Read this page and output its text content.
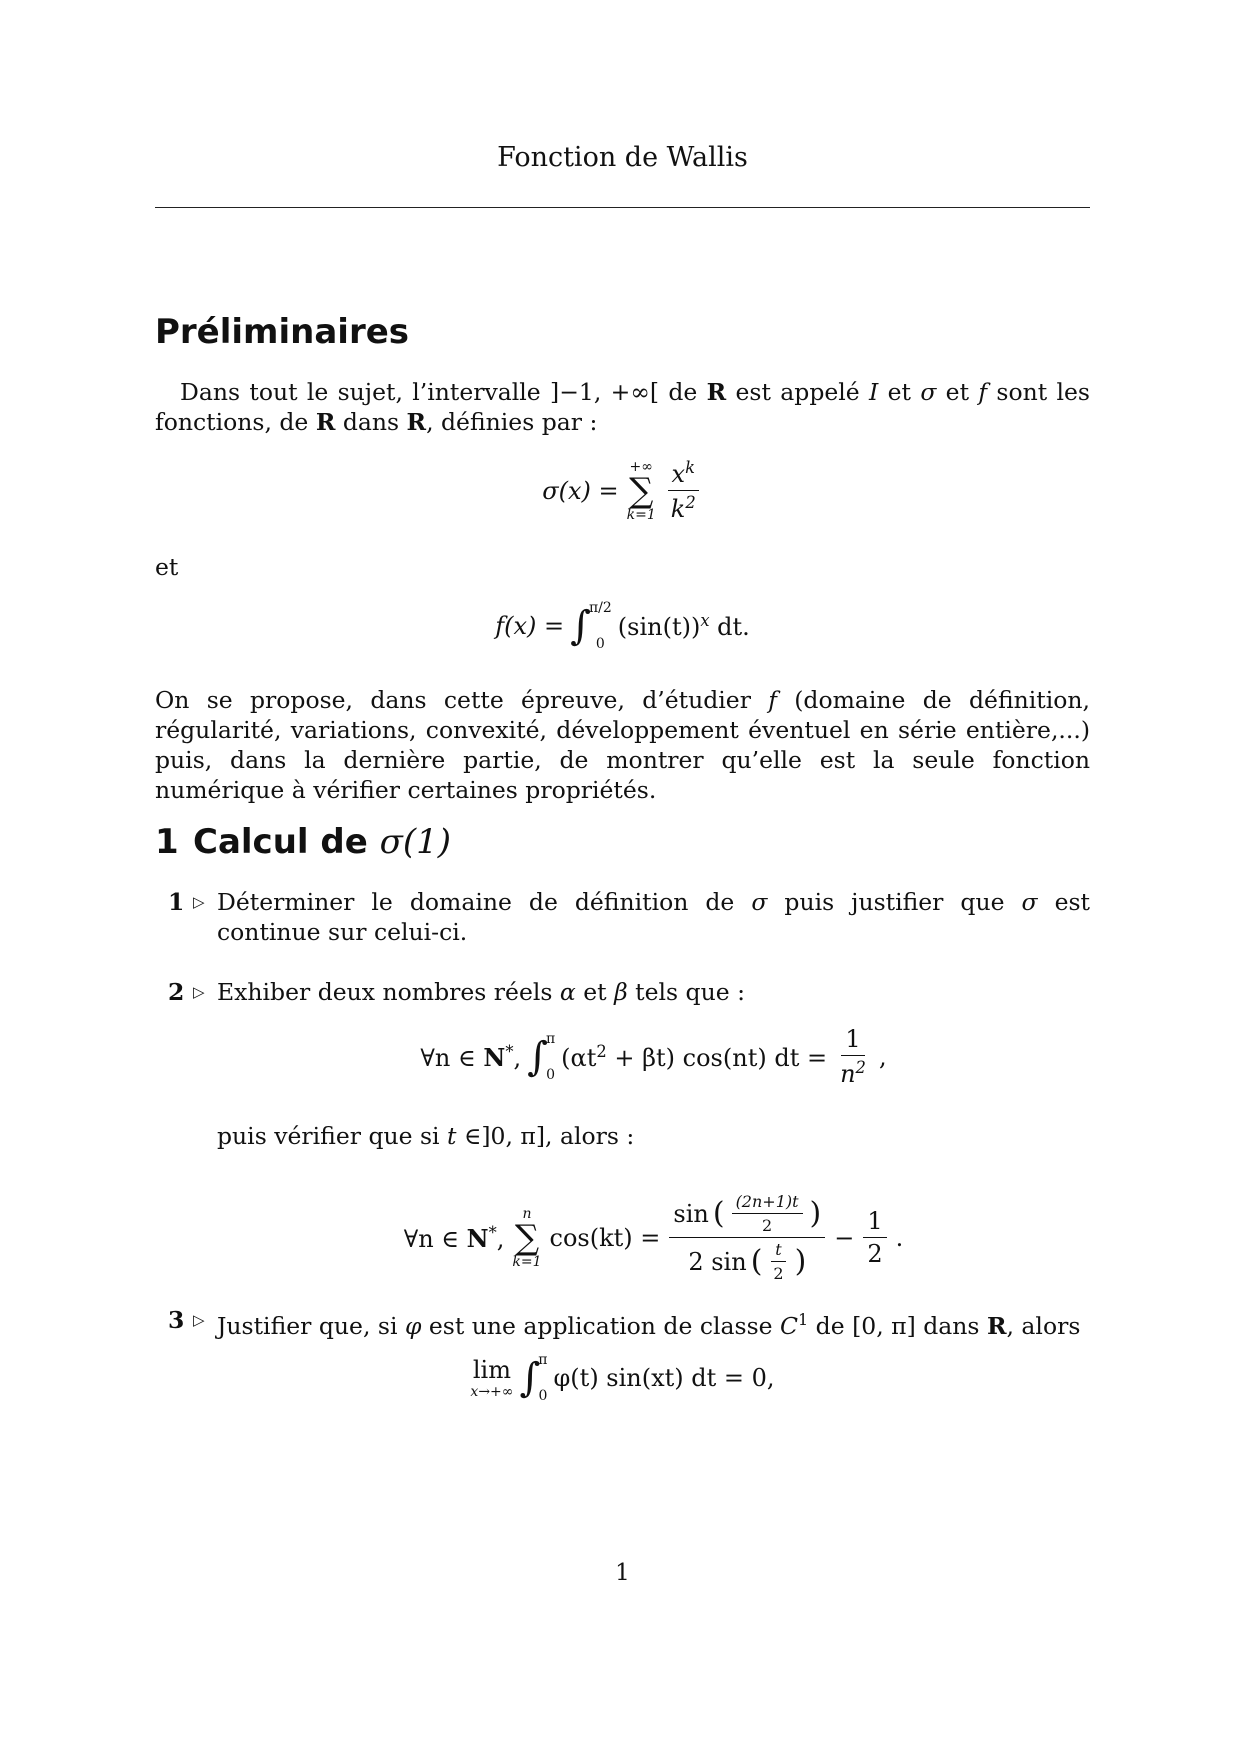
Fonction de Wallis
Préliminaires
Dans tout le sujet, l’intervalle ]−1, +∞[ de R est appelé I et σ et f sont les fonctions, de R dans R, définies par :
σ(x) =
+∞
∑
$k=1 \frac{x^k}{k^2}$
et
f(x) = ∫
π/2
0
$(\sin(t))^x$ dt.
On se propose, dans cette épreuve, d’étudier f (domaine de définition, régularité, variations, convexité, développement éventuel en série entière,...) puis, dans la dernière partie, de montrer qu’elle est la seule fonction numérique à vérifier certaines propriétés.
1 Calcul de σ(1)
1 ▷ Déterminer le domaine de définition de σ puis justifier que σ est continue sur celui-ci.
2 ▷ Exhiber deux nombres réels α et β tels que :
∀n ∈ N*, ∫
π
0
$(\alpha t^2 + \beta t)$ cos(nt) dt = $\frac{1}{n^2}$ ,
puis vérifier que si t ∈]0, π], alors :
∀n ∈ N*,
n
∑
k=1
$\cos(kt) = \frac{\sin ( \frac{(2n+1)t}{2} )}{2 \sin ( \frac{t}{2} )} - \frac{1}{2}$ .
3 ▷ Justifier que, si φ est une application de classe $C^1$ de [0, π] dans R, alors
lim
x→+∞ ∫
π
0
φ(t) sin(xt) dt = 0,
1
